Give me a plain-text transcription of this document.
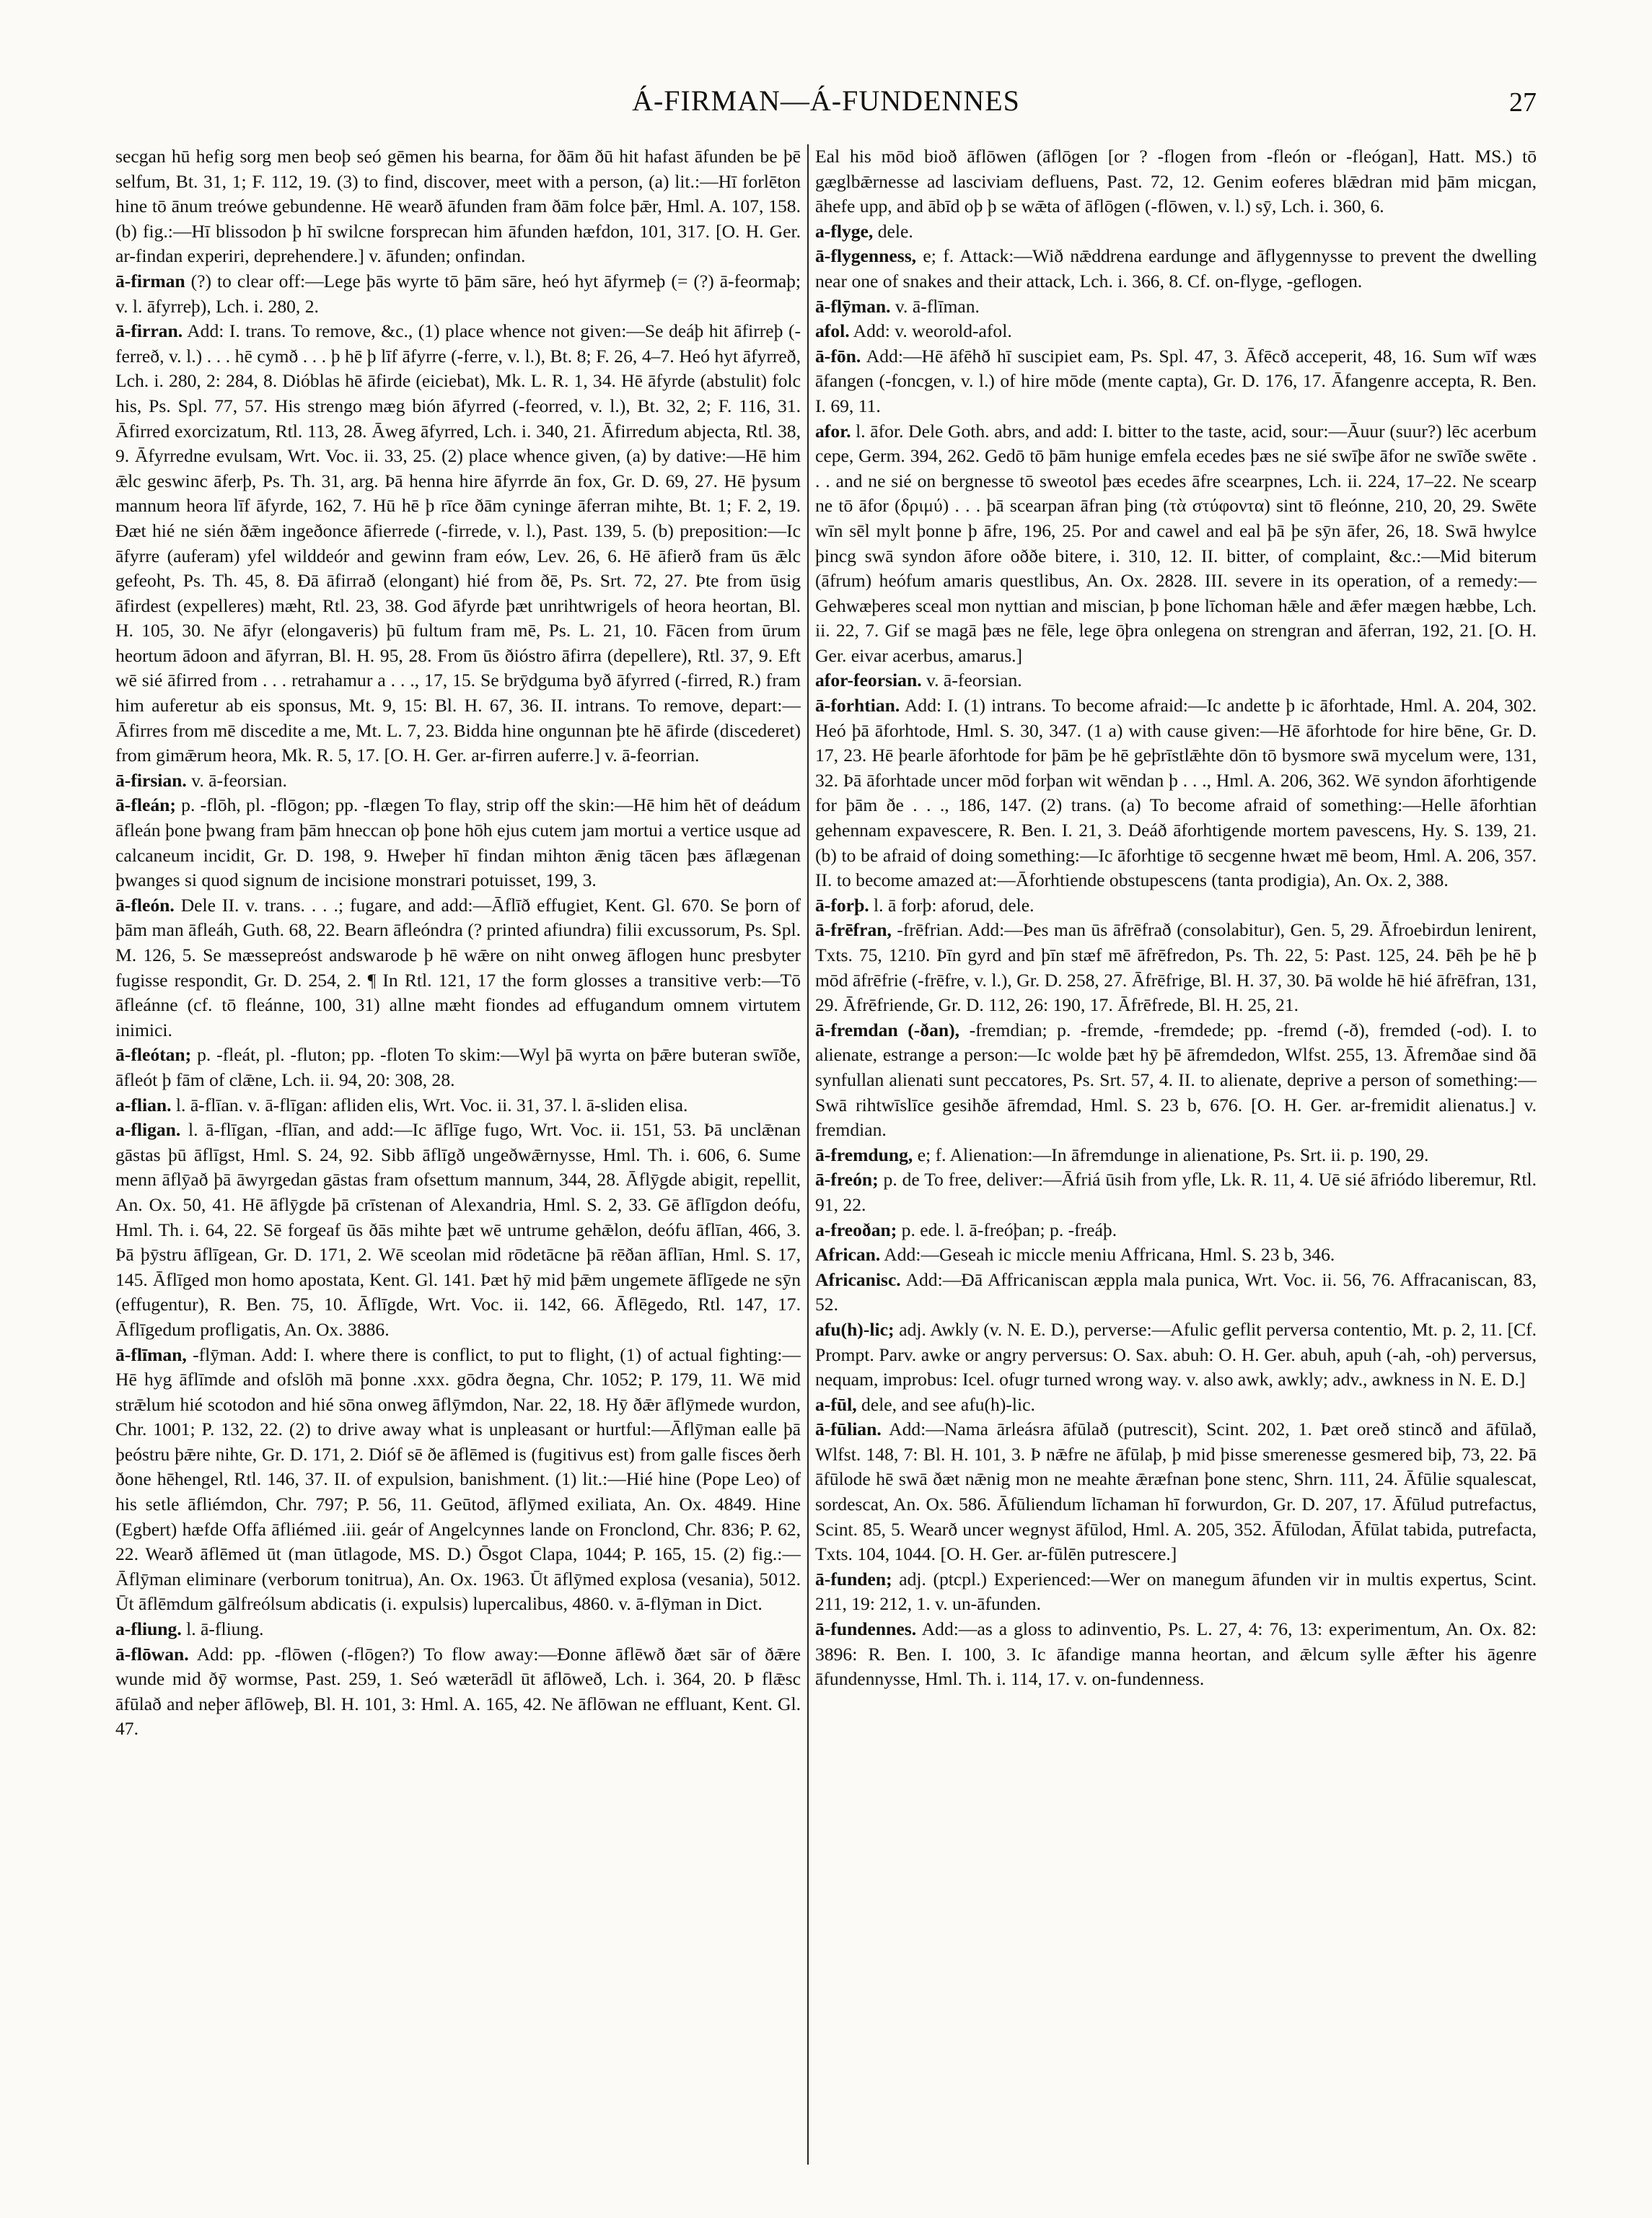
Á-FIRMAN—Á-FUNDENNES	27

secgan hū hefig sorg men beoþ seó gēmen his bearna, for ðām ðū hit hafast āfunden be þē selfum, Bt. 31, 1; F. 112, 19. (3) to find, discover, meet with a person, (a) lit.:—Hī forlēton hine tō ānum treówe gebundenne. Hē wearð āfunden fram ðām folce þǣr, Hml. A. 107, 158. (b) fig.:—Hī blissodon þ hī swilcne forsprecan him āfunden hæfdon, 101, 317. [O. H. Ger. ar-findan experiri, deprehendere.] v. āfunden; onfindan.

ā-firman (?) to clear off:—Lege þās wyrte tō þām sāre, heó hyt āfyrmeþ (= (?) ā-feormaþ; v. l. āfyrreþ), Lch. i. 280, 2.

ā-firran. Add: I. trans. To remove, &c., (1) place whence not given:—Se deáþ hit āfirreþ (-ferreð, v. l.) . . . hē cymð . . . þ hē þ līf āfyrre (-ferre, v. l.), Bt. 8; F. 26, 4–7. Heó hyt āfyrreð, Lch. i. 280, 2: 284, 8. Dióblas hē āfirde (eiciebat), Mk. L. R. 1, 34. Hē āfyrde (abstulit) folc his, Ps. Spl. 77, 57. His strengo mæg bión āfyrred (-feorred, v. l.), Bt. 32, 2; F. 116, 31. Āfirred exorcizatum, Rtl. 113, 28. Āweg āfyrred, Lch. i. 340, 21. Āfirredum abjecta, Rtl. 38, 9. Āfyrredne evulsam, Wrt. Voc. ii. 33, 25. (2) place whence given, (a) by dative:—Hē him ǣlc geswinc āferþ, Ps. Th. 31, arg. Þā henna hire āfyrrde ān fox, Gr. D. 69, 27. Hē þysum mannum heora līf āfyrde, 162, 7. Hū hē þ rīce ðām cyninge āferran mihte, Bt. 1; F. 2, 19. Ðæt hié ne sién ðǣm ingeðonce āfierrede (-firrede, v. l.), Past. 139, 5. (b) preposition:—Ic āfyrre (auferam) yfel wilddeór and gewinn fram eów, Lev. 26, 6. Hē āfierð fram ūs ǣlc gefeoht, Ps. Th. 45, 8. Ðā āfirrað (elongant) hié from ðē, Ps. Srt. 72, 27. Þte from ūsig āfirdest (expelleres) mæht, Rtl. 23, 38. God āfyrde þæt unrihtwrigels of heora heortan, Bl. H. 105, 30. Ne āfyr (elongaveris) þū fultum fram mē, Ps. L. 21, 10. Fācen from ūrum heortum ādoon and āfyrran, Bl. H. 95, 28. From ūs ðióstro āfirra (depellere), Rtl. 37, 9. Eft wē sié āfirred from . . . retrahamur a . . ., 17, 15. Se brȳdguma byð āfyrred (-firred, R.) fram him auferetur ab eis sponsus, Mt. 9, 15: Bl. H. 67, 36. II. intrans. To remove, depart:—Āfirres from mē discedite a me, Mt. L. 7, 23. Bidda hine ongunnan þte hē āfirde (discederet) from gimǣrum heora, Mk. R. 5, 17. [O. H. Ger. ar-firren auferre.] v. ā-feorrian.

ā-firsian. v. ā-feorsian.

ā-fleán; p. -flōh, pl. -flōgon; pp. -flægen To flay, strip off the skin:—Hē him hēt of deádum āfleán þone þwang fram þām hneccan oþ þone hōh ejus cutem jam mortui a vertice usque ad calcaneum incidit, Gr. D. 198, 9. Hweþer hī findan mihton ǣnig tācen þæs āflægenan þwanges si quod signum de incisione monstrari potuisset, 199, 3.

ā-fleón. Dele II. v. trans. . . .; fugare, and add:—Āflīð effugiet, Kent. Gl. 670. Se þorn of þām man āfleáh, Guth. 68, 22. Bearn āfleóndra (? printed afiundra) filii excussorum, Ps. Spl. M. 126, 5. Se mæssepreóst andswarode þ hē wǣre on niht onweg āflogen hunc presbyter fugisse respondit, Gr. D. 254, 2. ¶ In Rtl. 121, 17 the form glosses a transitive verb:—Tō āfleánne (cf. tō fleánne, 100, 31) allne mæht fiondes ad effugandum omnem virtutem inimici.

ā-fleótan; p. -fleát, pl. -fluton; pp. -floten To skim:—Wyl þā wyrta on þǣre buteran swīðe, āfleót þ fām of clǣne, Lch. ii. 94, 20: 308, 28.

a-flian. l. ā-flīan. v. ā-flīgan: afliden elis, Wrt. Voc. ii. 31, 37. l. ā-sliden elisa.

a-fligan. l. ā-flīgan, -flīan, and add:—Ic āflīge fugo, Wrt. Voc. ii. 151, 53. Þā unclǣnan gāstas þū āflīgst, Hml. S. 24, 92. Sibb āflīgð ungeðwǣrnysse, Hml. Th. i. 606, 6. Sume menn āflȳað þā āwyrgedan gāstas fram ofsettum mannum, 344, 28. Āflȳgde abigit, repellit, An. Ox. 50, 41. Hē āflȳgde þā crīstenan of Alexandria, Hml. S. 2, 33. Gē āflīgdon deófu, Hml. Th. i. 64, 22. Sē forgeaf ūs ðās mihte þæt wē untrume gehǣlon, deófu āflīan, 466, 3. Þā þȳstru āflīgean, Gr. D. 171, 2. Wē sceolan mid rōdetācne þā rēðan āflīan, Hml. S. 17, 145. Āflīged mon homo apostata, Kent. Gl. 141. Þæt hȳ mid þǣm ungemete āflīgede ne sȳn (effugentur), R. Ben. 75, 10. Āflīgde, Wrt. Voc. ii. 142, 66. Āflēgedo, Rtl. 147, 17. Āflīgedum profligatis, An. Ox. 3886.

ā-flīman, -flȳman. Add: I. where there is conflict, to put to flight, (1) of actual fighting:—Hē hyg āflīmde and ofslōh mā þonne .xxx. gōdra ðegna, Chr. 1052; P. 179, 11. Wē mid strǣlum hié scotodon and hié sōna onweg āflȳmdon, Nar. 22, 18. Hȳ ðǣr āflȳmede wurdon, Chr. 1001; P. 132, 22. (2) to drive away what is unpleasant or hurtful:—Āflȳman ealle þā þeóstru þǣre nihte, Gr. D. 171, 2. Dióf sē ðe āflēmed is (fugitivus est) from galle fisces ðerh ðone hēhengel, Rtl. 146, 37. II. of expulsion, banishment. (1) lit.:—Hié hine (Pope Leo) of his setle āfliémdon, Chr. 797; P. 56, 11. Geūtod, āflȳmed exiliata, An. Ox. 4849. Hine (Egbert) hæfde Offa āfliémed .iii. geár of Angelcynnes lande on Fronclond, Chr. 836; P. 62, 22. Wearð āflēmed ūt (man ūtlagode, MS. D.) Ōsgot Clapa, 1044; P. 165, 15. (2) fig.:—Āflȳman eliminare (verborum tonitrua), An. Ox. 1963. Ūt āflȳmed explosa (vesania), 5012. Ūt āflēmdum gālfreólsum abdicatis (i. expulsis) lupercalibus, 4860. v. ā-flȳman in Dict.

a-fliung. l. ā-fliung.

ā-flōwan. Add: pp. -flōwen (-flōgen?) To flow away:—Ðonne āflēwð ðæt sār of ðǣre wunde mid ðȳ wormse, Past. 259, 1. Seó wæterādl ūt āflōweð, Lch. i. 364, 20. Þ flǣsc āfūlað and neþer āflōweþ, Bl. H. 101, 3: Hml. A. 165, 42. Ne āflōwan ne effluant, Kent. Gl. 47.

Eal his mōd bioð āflōwen (āflōgen [or ? -flogen from -fleón or -fleógan], Hatt. MS.) tō gæglbǣrnesse ad lasciviam defluens, Past. 72, 12. Genim eoferes blǣdran mid þām micgan, āhefe upp, and ābīd oþ þ se wǣta of āflōgen (-flōwen, v. l.) sȳ, Lch. i. 360, 6.

a-flyge, dele.

ā-flygenness, e; f. Attack:—Wið nǣddrena eardunge and āflygennysse to prevent the dwelling near one of snakes and their attack, Lch. i. 366, 8. Cf. on-flyge, -geflogen.

ā-flȳman. v. ā-flīman.

afol. Add: v. weorold-afol.

ā-fōn. Add:—Hē āfēhð hī suscipiet eam, Ps. Spl. 47, 3. Āfēcð acceperit, 48, 16. Sum wīf wæs āfangen (-foncgen, v. l.) of hire mōde (mente capta), Gr. D. 176, 17. Āfangenre accepta, R. Ben. I. 69, 11.

afor. l. āfor. Dele Goth. abrs, and add: I. bitter to the taste, acid, sour:—Āuur (suur?) lēc acerbum cepe, Germ. 394, 262. Gedō tō þām hunige emfela ecedes þæs ne sié swīþe āfor ne swīðe swēte . . . and ne sié on bergnesse tō sweotol þæs ecedes āfre scearpnes, Lch. ii. 224, 17–22. Ne scearp ne tō āfor (δριμύ) . . . þā scearpan āfran þing (τὰ στύφοντα) sint tō fleónne, 210, 20, 29. Swēte wīn sēl mylt þonne þ āfre, 196, 25. Por and cawel and eal þā þe sȳn āfer, 26, 18. Swā hwylce þincg swā syndon āfore oððe bitere, i. 310, 12. II. bitter, of complaint, &c.:—Mid biterum (āfrum) heófum amaris questlibus, An. Ox. 2828. III. severe in its operation, of a remedy:—Gehwæþeres sceal mon nyttian and miscian, þ þone līchoman hǣle and ǣfer mægen hæbbe, Lch. ii. 22, 7. Gif se magā þæs ne fēle, lege ōþra onlegena on strengran and āferran, 192, 21. [O. H. Ger. eivar acerbus, amarus.]

afor-feorsian. v. ā-feorsian.

ā-forhtian. Add: I. (1) intrans. To become afraid:—Ic andette þ ic āforhtade, Hml. A. 204, 302. Heó þā āforhtode, Hml. S. 30, 347. (1 a) with cause given:—Hē āforhtode for hire bēne, Gr. D. 17, 23. Hē þearle āforhtode for þām þe hē geþrīstlǣhte dōn tō bysmore swā mycelum were, 131, 32. Þā āforhtade uncer mōd forþan wit wēndan þ . . ., Hml. A. 206, 362. Wē syndon āforhtigende for þām ðe . . ., 186, 147. (2) trans. (a) To become afraid of something:—Helle āforhtian gehennam expavescere, R. Ben. I. 21, 3. Deáð āforhtigende mortem pavescens, Hy. S. 139, 21. (b) to be afraid of doing something:—Ic āforhtige tō secgenne hwæt mē beom, Hml. A. 206, 357. II. to become amazed at:—Āforhtiende obstupescens (tanta prodigia), An. Ox. 2, 388.

ā-forþ. l. ā forþ: aforud, dele.

ā-frēfran, -frēfrian. Add:—Þes man ūs āfrēfrað (consolabitur), Gen. 5, 29. Āfroebirdun lenirent, Txts. 75, 1210. Þīn gyrd and þīn stæf mē āfrēfredon, Ps. Th. 22, 5: Past. 125, 24. Þēh þe hē þ mōd āfrēfrie (-frēfre, v. l.), Gr. D. 258, 27. Āfrēfrige, Bl. H. 37, 30. Þā wolde hē hié āfrēfran, 131, 29. Āfrēfriende, Gr. D. 112, 26: 190, 17. Āfrēfrede, Bl. H. 25, 21.

ā-fremdan (-ðan), -fremdian; p. -fremde, -fremdede; pp. -fremd (-ð), fremded (-od). I. to alienate, estrange a person:—Ic wolde þæt hȳ þē āfremdedon, Wlfst. 255, 13. Āfremðae sind ðā synfullan alienati sunt peccatores, Ps. Srt. 57, 4. II. to alienate, deprive a person of something:—Swā rihtwīslīce gesihðe āfremdad, Hml. S. 23 b, 676. [O. H. Ger. ar-fremidit alienatus.] v. fremdian.

ā-fremdung, e; f. Alienation:—In āfremdunge in alienatione, Ps. Srt. ii. p. 190, 29.

ā-freón; p. de To free, deliver:—Āfriá ūsih from yfle, Lk. R. 11, 4. Uē sié āfriódo liberemur, Rtl. 91, 22.

a-freoðan; p. ede. l. ā-freóþan; p. -freáþ.

African. Add:—Geseah ic miccle meniu Affricana, Hml. S. 23 b, 346.

Africanisc. Add:—Ðā Affricaniscan æppla mala punica, Wrt. Voc. ii. 56, 76. Affracaniscan, 83, 52.

afu(h)-lic; adj. Awkly (v. N. E. D.), perverse:—Afulic geflit perversa contentio, Mt. p. 2, 11. [Cf. Prompt. Parv. awke or angry perversus: O. Sax. abuh: O. H. Ger. abuh, apuh (-ah, -oh) perversus, nequam, improbus: Icel. ofugr turned wrong way. v. also awk, awkly; adv., awkness in N. E. D.]

a-fūl, dele, and see afu(h)-lic.

ā-fūlian. Add:—Nama ārleásra āfūlað (putrescit), Scint. 202, 1. Þæt oreð stincð and āfūlað, Wlfst. 148, 7: Bl. H. 101, 3. Þ nǣfre ne āfūlaþ, þ mid þisse smerenesse gesmered biþ, 73, 22. Þā āfūlode hē swā ðæt nǣnig mon ne meahte ǣræfnan þone stenc, Shrn. 111, 24. Āfūlie squalescat, sordescat, An. Ox. 586. Āfūliendum līchaman hī forwurdon, Gr. D. 207, 17. Āfūlud putrefactus, Scint. 85, 5. Wearð uncer wegnyst āfūlod, Hml. A. 205, 352. Āfūlodan, Āfūlat tabida, putrefacta, Txts. 104, 1044. [O. H. Ger. ar-fūlēn putrescere.]

ā-funden; adj. (ptcpl.) Experienced:—Wer on manegum āfunden vir in multis expertus, Scint. 211, 19: 212, 1. v. un-āfunden.

ā-fundennes. Add:—as a gloss to adinventio, Ps. L. 27, 4: 76, 13: experimentum, An. Ox. 82: 3896: R. Ben. I. 100, 3. Ic āfandige manna heortan, and ǣlcum sylle ǣfter his āgenre āfundennysse, Hml. Th. i. 114, 17. v. on-fundenness.
